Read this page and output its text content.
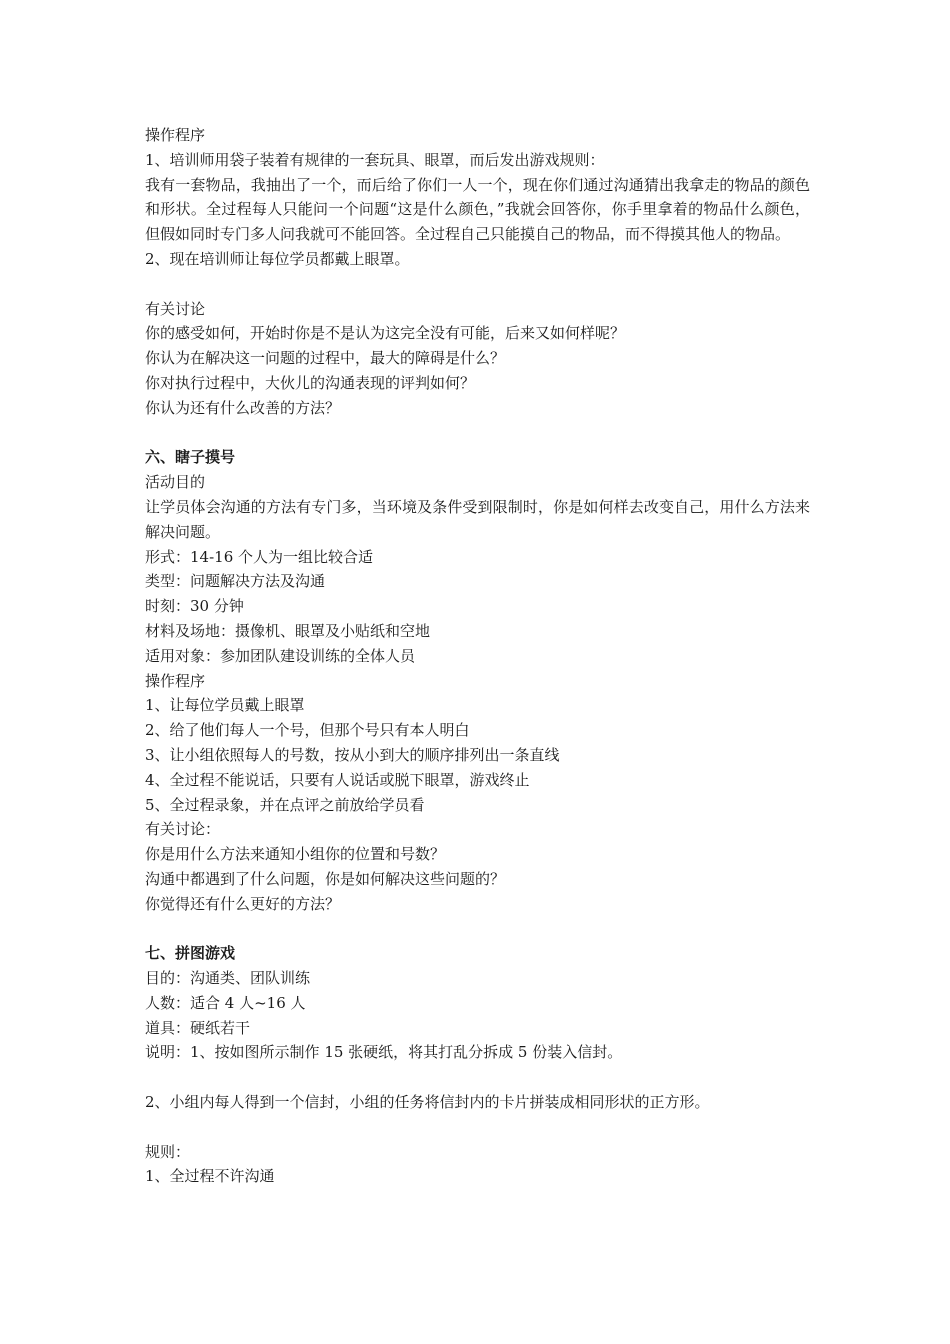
操作程序

1、培训师用袋子装着有规律的一套玩具、眼罩，而后发出游戏规则：

我有一套物品，我抽出了一个，而后给了你们一人一个，现在你们通过沟通猜出我拿走的物品的颜色和形状。全过程每人只能问一个问题“这是什么颜色，”我就会回答你，你手里拿着的物品什么颜色，但假如同时专门多人问我就可不能回答。全过程自己只能摸自己的物品，而不得摸其他人的物品。

2、现在培训师让每位学员都戴上眼罩。

有关讨论

你的感受如何，开始时你是不是认为这完全没有可能，后来又如何样呢？

你认为在解决这一问题的过程中，最大的障碍是什么？

你对执行过程中，大伙儿的沟通表现的评判如何？

你认为还有什么改善的方法？

六、瞎子摸号

活动目的

让学员体会沟通的方法有专门多，当环境及条件受到限制时，你是如何样去改变自己，用什么方法来解决问题。

形式：14-16 个人为一组比较合适

类型：问题解决方法及沟通

时刻：30 分钟

材料及场地：摄像机、眼罩及小贴纸和空地

适用对象：参加团队建设训练的全体人员

操作程序

1、让每位学员戴上眼罩

2、给了他们每人一个号，但那个号只有本人明白

3、让小组依照每人的号数，按从小到大的顺序排列出一条直线

4、全过程不能说话，只要有人说话或脱下眼罩，游戏终止

5、全过程录象，并在点评之前放给学员看

有关讨论：

你是用什么方法来通知小组你的位置和号数？

沟通中都遇到了什么问题，你是如何解决这些问题的？

你觉得还有什么更好的方法？

七、拼图游戏

目的：沟通类、团队训练

人数：适合 4 人~16 人

道具：硬纸若干

说明：1、按如图所示制作 15 张硬纸，将其打乱分拆成 5 份装入信封。

2、小组内每人得到一个信封，小组的任务将信封内的卡片拼装成相同形状的正方形。

规则：

1、全过程不许沟通
